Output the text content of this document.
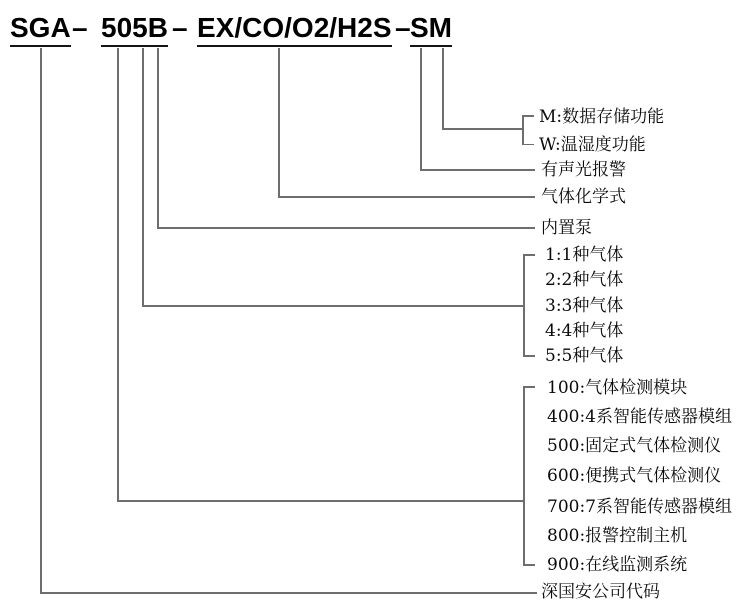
SGA – 505B – EX/CO/O2/H2S – SM
M:数据存储功能
W:温湿度功能
有声光报警
气体化学式
内置泵
1:1种气体
2:2种气体
3:3种气体
4:4种气体
5:5种气体
100:气体检测模块
400:4系智能传感器模组
500:固定式气体检测仪
600:便携式气体检测仪
700:7系智能传感器模组
800:报警控制主机
900:在线监测系统
深国安公司代码
